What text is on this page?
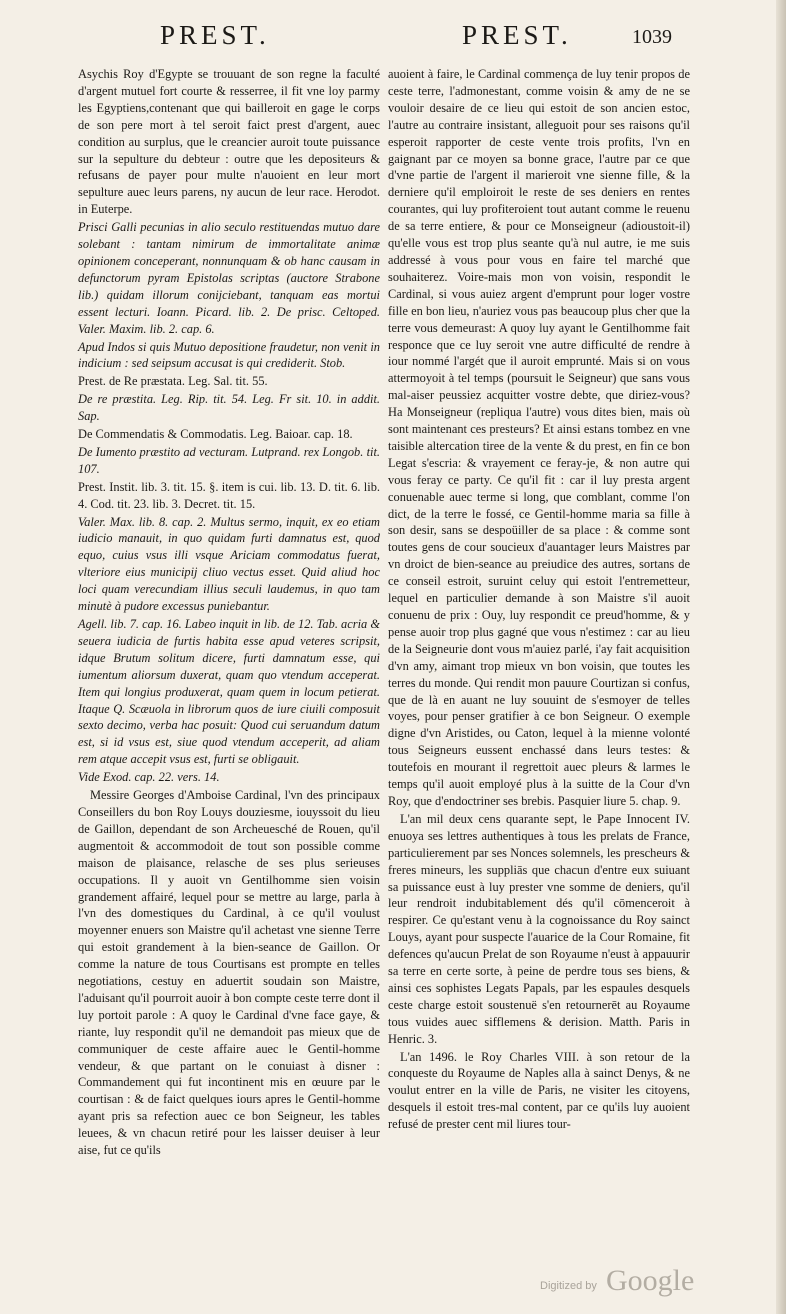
PREST.	PREST.	1039

Asychis Roy d'Egypte se trouuant de son regne la faculté d'argent mutuel fort courte & resserree, il fit vne loy parmy les Egyptiens,contenant que qui bailleroit en gage le corps de son pere mort à tel seroit faict prest d'argent, auec condition au surplus, que le creancier auroit toute puissance sur la sepulture du debteur : outre que les depositeurs & refusans de payer pour multe n'auoient en leur mort sepulture auec leurs parens, ny aucun de leur race. Herodot. in Euterpe.

Prisci Galli pecunias in alio seculo restituendas mutuo dare solebant : tantam nimirum de immortalitate animæ opinionem conceperant, nonnunquam & ob hanc causam in defunctorum pyram Epistolas scriptas (auctore Strabone lib.) quidam illorum conijciebant, tanquam eas mortui essent lecturi. Ioann. Picard. lib. 2. De prisc. Celtoped. Valer. Maxim. lib. 2. cap. 6.

Apud Indos si quis Mutuo depositione fraudetur, non venit in indicium : sed seipsum accusat is qui crediderit. Stob.

Prest. de Re præstata. Leg. Sal. tit. 55.

De re præstita. Leg. Rip. tit. 54. Leg. Fr sit. 10. in addit. Sap.

De Commendatis & Commodatis. Leg. Baioar. cap. 18.

De Iumento præstito ad vecturam. Lutprand. rex Longob. tit. 107.

Prest. Instit. lib. 3. tit. 15. §. item is cui. lib. 13. D. tit. 6. lib. 4. Cod. tit. 23. lib. 3. Decret. tit. 15.

Valer. Max. lib. 8. cap. 2. Multus sermo, inquit, ex eo etiam iudicio manauit, in quo quidam furti damnatus est, quod equo, cuius vsus illi vsque Ariciam commodatus fuerat, vlteriore eius municipij cliuo vectus esset. Quid aliud hoc loci quam verecundiam illius seculi laudemus, in quo tam minutè à pudore excessus puniebantur.

Agell. lib. 7. cap. 16. Labeo inquit in lib. de 12. Tab. acria & seuera iudicia de furtis habita esse apud veteres scripsit, idque Brutum solitum dicere, furti damnatum esse, qui iumentum aliorsum duxerat, quam quo vtendum acceperat. Item qui longius produxerat, quam quem in locum petierat. Itaque Q. Scæuola in librorum quos de iure ciuili composuit sexto decimo, verba hac posuit: Quod cui seruandum datum est, si id vsus est, siue quod vtendum acceperit, ad aliam rem atque accepit vsus est, furti se obligauit.

Vide Exod. cap. 22. vers. 14.

Messire Georges d'Amboise Cardinal, l'vn des principaux Conseillers du bon Roy Louys douziesme, iouyssoit du lieu de Gaillon, dependant de son Archeuesché de Rouen, qu'il augmentoit & accommodoit de tout son possible comme maison de plaisance, relasche de ses plus serieuses occupations. Il y auoit vn Gentilhomme sien voisin grandement affairé, lequel pour se mettre au large, parla à l'vn des domestiques du Cardinal, à ce qu'il voulust moyenner enuers son Maistre qu'il achetast vne sienne Terre qui estoit grandement à la bien-seance de Gaillon. Or comme la nature de tous Courtisans est prompte en telles negotiations, cestuy en aduertit soudain son Maistre, l'aduisant qu'il pourroit auoir à bon compte ceste terre dont il luy portoit parole : A quoy le Cardinal d'vne face gaye, & riante, luy respondit qu'il ne demandoit pas mieux que de communiquer de ceste affaire auec le Gentil-homme vendeur, & que partant on le conuiast à disner : Commandement qui fut incontinent mis en œuure par le courtisan : & de faict quelques iours apres le Gentil-homme ayant pris sa refection auec ce bon Seigneur, les tables leuees, & vn chacun retiré pour les laisser deuiser à leur aise, fut ce qu'ils

auoient à faire, le Cardinal commença de luy tenir propos de ceste terre, l'admonestant, comme voisin & amy de ne se vouloir desaire de ce lieu qui estoit de son ancien estoc, l'autre au contraire insistant, alleguoit pour ses raisons qu'il esperoit rapporter de ceste vente trois profits, l'vn en gaignant par ce moyen sa bonne grace, l'autre par ce que d'vne partie de l'argent il marieroit vne sienne fille, & la derniere qu'il emploiroit le reste de ses deniers en rentes courantes, qui luy profiteroient tout autant comme le reuenu de sa terre entiere, & pour ce Monseigneur (adioustoit-il) qu'elle vous est trop plus seante qu'à nul autre, ie me suis addressé à vous pour vous en faire tel marché que souhaiterez. Voire-mais mon von voisin, respondit le Cardinal, si vous auiez argent d'emprunt pour loger vostre fille en bon lieu, n'auriez vous pas beaucoup plus cher que la terre vous demeurast: A quoy luy ayant le Gentilhomme fait responce que ce luy seroit vne autre difficulté de rendre à iour nommé l'argét que il auroit emprunté. Mais si on vous attermoyoit à tel temps (poursuit le Seigneur) que sans vous mal-aiser peussiez acquitter vostre debte, que diriez-vous? Ha Monseigneur (repliqua l'autre) vous dites bien, mais où sont maintenant ces presteurs? Et ainsi estans tombez en vne taisible altercation tiree de la vente & du prest, en fin ce bon Legat s'escria: & vrayement ce feray-je, & non autre qui vous feray ce party. Ce qu'il fit : car il luy presta argent conuenable auec terme si long, que comblant, comme l'on dict, de la terre le fossé, ce Gentil-homme maria sa fille à son desir, sans se despoüiller de sa place : & comme sont toutes gens de cour soucieux d'auantager leurs Maistres par vn droict de bien-seance au preiudice des autres, sortans de ce conseil estroit, suruint celuy qui estoit l'entremetteur, lequel en particulier demande à son Maistre s'il auoit conuenu de prix : Ouy, luy respondit ce preud'homme, & y pense auoir trop plus gagné que vous n'estimez : car au lieu de la Seigneurie dont vous m'auiez parlé, i'ay fait acquisition d'vn amy, aimant trop mieux vn bon voisin, que toutes les terres du monde. Qui rendit mon pauure Courtizan si confus, que de là en auant ne luy souuint de s'esmoyer de telles voyes, pour penser gratifier à ce bon Seigneur. O exemple digne d'vn Aristides, ou Caton, lequel à la mienne volonté tous Seigneurs eussent enchassé dans leurs testes: & toutefois en mourant il regrettoit auec pleurs & larmes le temps qu'il auoit employé plus à la suitte de la Cour d'vn Roy, que d'endoctriner ses brebis. Pasquier liure 5. chap. 9.

L'an mil deux cens quarante sept, le Pape Innocent IV. enuoya ses lettres authentiques à tous les prelats de France, particulierement par ses Nonces solemnels, les prescheurs & freres mineurs, les suppliās que chacun d'entre eux suiuant sa puissance eust à luy prester vne somme de deniers, qu'il leur rendroit indubitablement dés qu'il cōmenceroit à respirer. Ce qu'estant venu à la cognoissance du Roy sainct Louys, ayant pour suspecte l'auarice de la Cour Romaine, fit defences qu'aucun Prelat de son Royaume n'eust à appauurir sa terre en certe sorte, à peine de perdre tous ses biens, & ainsi ces sophistes Legats Papals, par les espaules desquels ceste charge estoit soustenuë s'en retournerēt au Royaume tous vuides auec sifflemens & derision. Matth. Paris in Henric. 3.

L'an 1496. le Roy Charles VIII. à son retour de la conqueste du Royaume de Naples alla à sainct Denys, & ne voulut entrer en la ville de Paris, ne visiter les citoyens, desquels il estoit tres-mal content, par ce qu'ils luy auoient refusé de prester cent mil liures tour-

Digitized by Google
